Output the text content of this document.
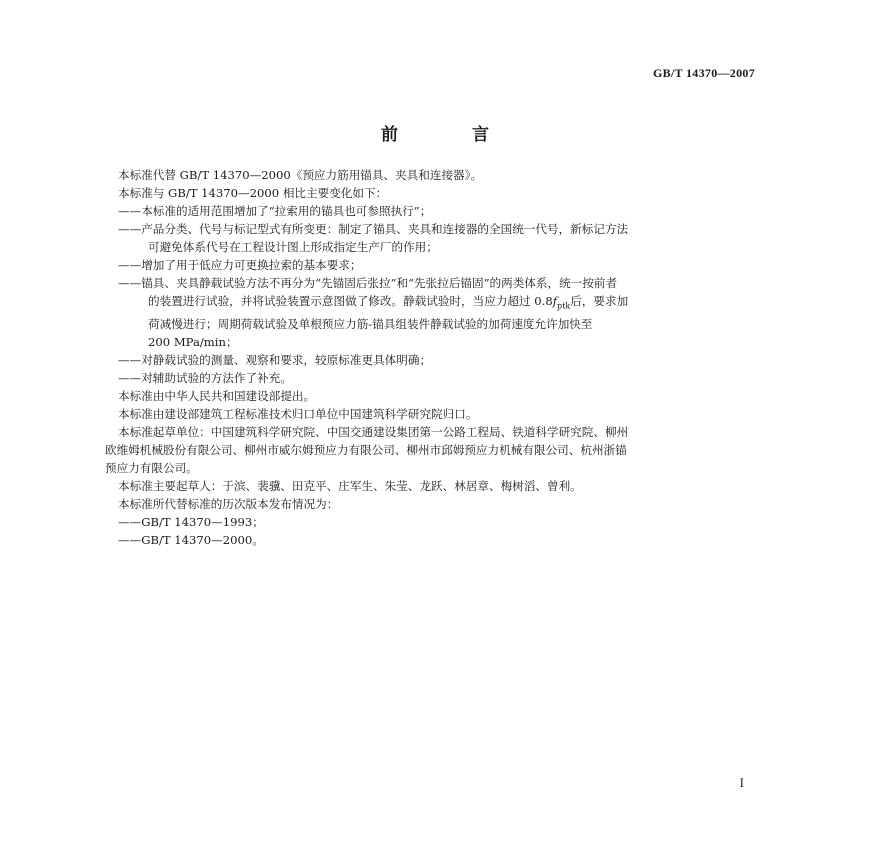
GB/T 14370—2007
前 言
本标准代替 GB/T 14370—2000《预应力筋用锚具、夹具和连接器》。
本标准与 GB/T 14370—2000 相比主要变化如下：
——本标准的适用范围增加了“拉索用的锚具也可参照执行”；
——产品分类、代号与标记型式有所变更：制定了锚具、夹具和连接器的全国统一代号，新标记方法
可避免体系代号在工程设计图上形成指定生产厂的作用；
——增加了用于低应力可更换拉索的基本要求；
——锚具、夹具静载试验方法不再分为“先锚固后张拉”和“先张拉后锚固”的两类体系，统一按前者
的装置进行试验，并将试验装置示意图做了修改。静载试验时，当应力超过 $0.8f_{ptk}$后，要求加
荷减慢进行；周期荷载试验及单根预应力筋-锚具组装件静载试验的加荷速度允许加快至
200 MPa/min；
——对静载试验的测量、观察和要求，较原标准更具体明确；
——对辅助试验的方法作了补充。
本标准由中华人民共和国建设部提出。
本标准由建设部建筑工程标准技术归口单位中国建筑科学研究院归口。
本标准起草单位：中国建筑科学研究院、中国交通建设集团第一公路工程局、铁道科学研究院、柳州
欧维姆机械股份有限公司、柳州市威尔姆预应力有限公司、柳州市邱姆预应力机械有限公司、杭州浙锚
预应力有限公司。
本标准主要起草人：于滨、裴骥、田克平、庄军生、朱莹、龙跃、林居章、梅树滔、曾利。
本标准所代替标准的历次版本发布情况为：
——GB/T 14370—1993；
——GB/T 14370—2000。
I
